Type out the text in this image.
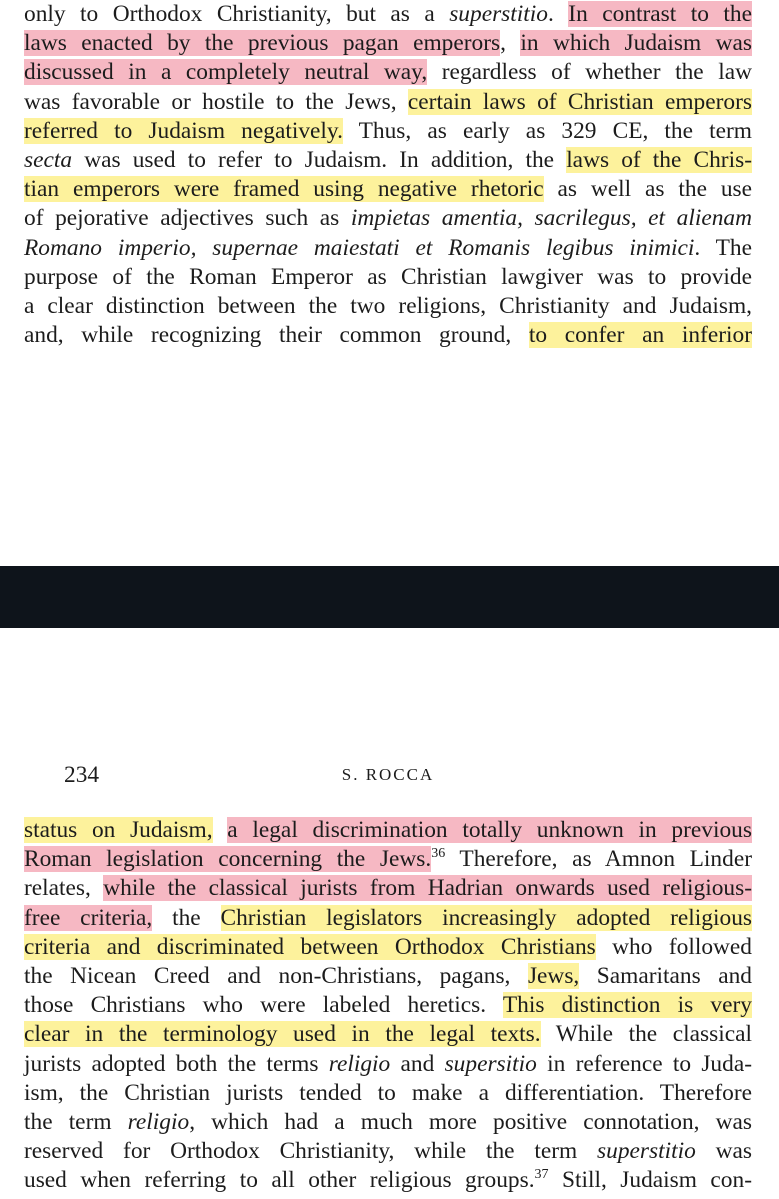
only to Orthodox Christianity, but as a superstitio. In contrast to the
laws enacted by the previous pagan emperors, in which Judaism was
discussed in a completely neutral way, regardless of whether the law
was favorable or hostile to the Jews, certain laws of Christian emperors
referred to Judaism negatively. Thus, as early as 329 CE, the term
secta was used to refer to Judaism. In addition, the laws of the Chris-
tian emperors were framed using negative rhetoric as well as the use
of pejorative adjectives such as impietas amentia, sacrilegus, et alienam
Romano imperio, supernae maiestati et Romanis legibus inimici. The
purpose of the Roman Emperor as Christian lawgiver was to provide
a clear distinction between the two religions, Christianity and Judaism,
and, while recognizing their common ground, to confer an inferior
234	S. ROCCA
status on Judaism, a legal discrimination totally unknown in previous
Roman legislation concerning the Jews.$^{36}$ Therefore, as Amnon Linder
relates, while the classical jurists from Hadrian onwards used religious-
free criteria, the Christian legislators increasingly adopted religious
criteria and discriminated between Orthodox Christians who followed
the Nicean Creed and non-Christians, pagans, Jews, Samaritans and
those Christians who were labeled heretics. This distinction is very
clear in the terminology used in the legal texts. While the classical
jurists adopted both the terms religio and supersitio in reference to Juda-
ism, the Christian jurists tended to make a differentiation. Therefore
the term religio, which had a much more positive connotation, was
reserved for Orthodox Christianity, while the term superstitio was
used when referring to all other religious groups.$^{37}$ Still, Judaism con-
